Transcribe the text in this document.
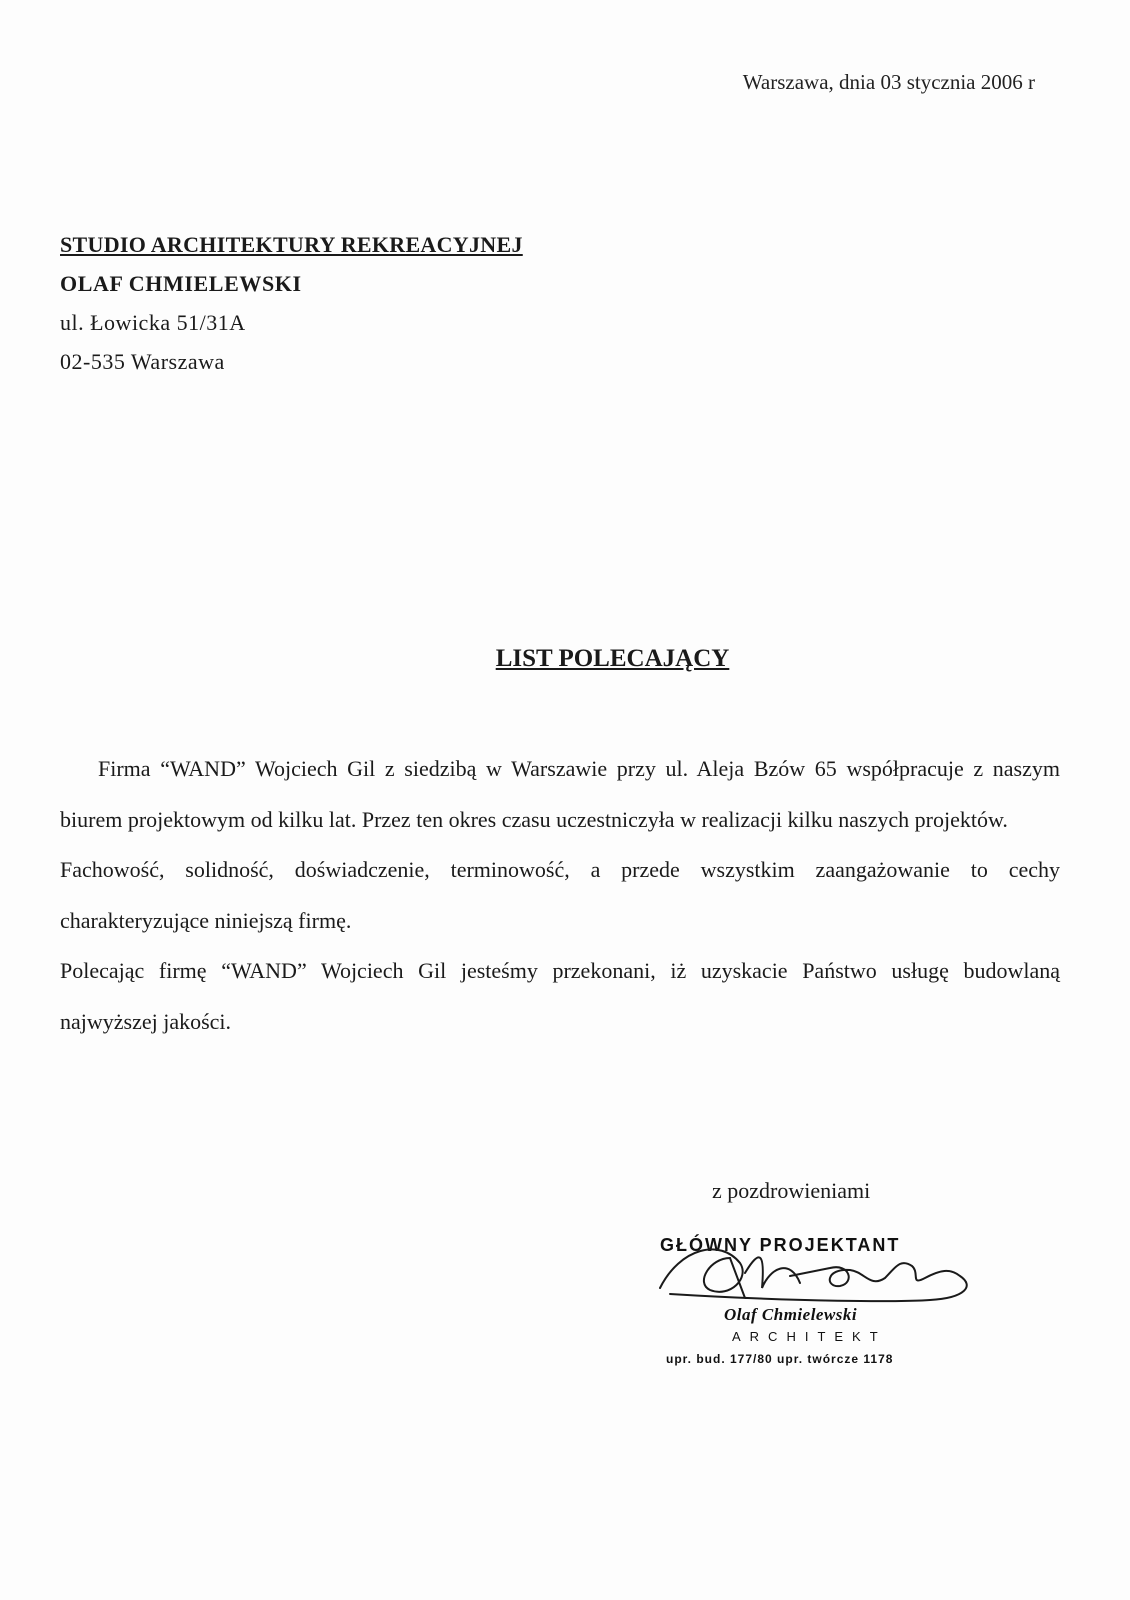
Warszawa, dnia 03 stycznia 2006 r
STUDIO ARCHITEKTURY REKREACYJNEJ
OLAF CHMIELEWSKI
ul. Łowicka 51/31A
02-535 Warszawa
LIST POLECAJĄCY

Firma “WAND” Wojciech Gil z siedzibą w Warszawie przy ul. Aleja Bzów 65 współpracuje z naszym biurem projektowym od kilku lat. Przez ten okres czasu uczestniczyła w realizacji kilku naszych projektów.

Fachowość, solidność, doświadczenie, terminowość, a przede wszystkim zaangażowanie to cechy charakteryzujące niniejszą firmę.

Polecając firmę “WAND” Wojciech Gil jesteśmy przekonani, iż uzyskacie Państwo usługę budowlaną najwyższej jakości.

z pozdrowieniami
GŁÓWNY PROJEKTANT
Olaf Chmielewski
ARCHITEKT
upr. bud. 177/80 upr. twórcze 1178
